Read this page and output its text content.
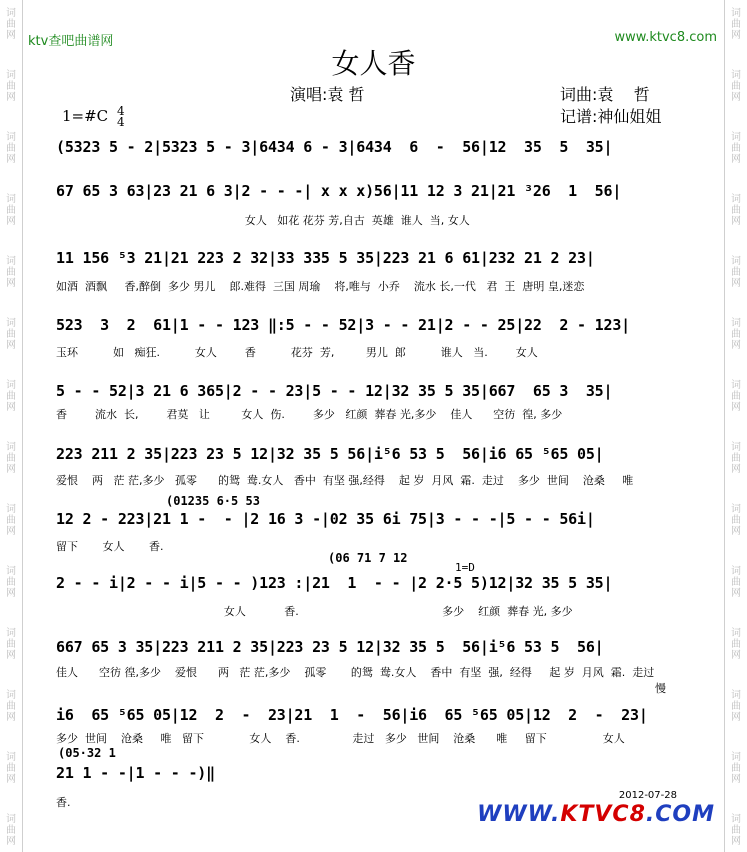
词
曲
网
词
曲
网
词
曲
网
词
曲
网
词
曲
网
词
曲
网
词
曲
网
词
曲
网
词
曲
网
词
曲
网
词
曲
网
词
曲
网
词
曲
网
词
曲
网
词
曲
网
词
曲
网
词
曲
网
词
曲
网
词
曲
网
词
曲
网
词
曲
网
词
曲
网
词
曲
网
词
曲
网
词
曲
网
词
曲
网
词
曲
网
词
曲
网
ktv查吧曲谱网	www.ktvc8.com
女人香
演唱:袁 哲	词曲:袁    哲
记谱:神仙姐姐
1=#C 4
4
(5323 5 - 2|5323 5 - 3|6434 6 - 3|6434  6  -  56|12  35  5  35|
67 65 3 63|23 21 6 3|2 - - -| x x x)56|11 12 3 21|21 ³26  1  56|
女人   如花 花芬 芳,自古  英雄  谁人  当, 女人
11 156 ⁵3 21|21 223 2 32|33 335 5 35|223 21 6 61|232 21 2 23|
如酒  酒飘     香,醉倒  多少 男儿    郎.难得  三国 周瑜    将,唯与  小乔    流水 长,一代   君  王  唐明 皇,迷恋
523  3  2  61|1 - - 123 ‖:5 - - 52|3 - - 21|2 - - 25|22  2 - 123|
玉环          如   痴狂.          女人        香          花芬  芳,         男儿  郎          谁人   当.        女人
5 - - 52|3 21 6 365|2 - - 23|5 - - 12|32 35 5 35|667  65 3  35|
香        流水  长,        君莫   让         女人  伤.        多少   红颜  葬春 光,多少    佳人      空彷  徨, 多少
223 211 2 35|223 23 5 12|32 35 5 56|i⁵6 53 5  56|i6 65 ⁵65 05|
爱恨    两   茫 茫,多少   孤零      的鸳  鸯.女人   香中  有坚 强,经得    起 岁  月风  霜.  走过    多少  世间    沧桑     唯
(01235 6·5 53
12 2 - 223|21 1 -  - |2 16 3 -|02 35 6i 75|3 - - -|5 - - 56i|
留下       女人       香.
(06 71 7 12
1=D
2 - - i|2 - - i|5 - - )123 :|21  1  - - |2 2·5 5)12|32 35 5 35|
女人           香.                                         多少    红颜  葬春 光, 多少
667 65 3 35|223 211 2 35|223 23 5 12|32 35 5  56|i⁵6 53 5  56|
佳人      空彷 徨,多少    爱恨      两   茫 茫,多少    孤零       的鸳  鸯.女人    香中  有坚  强,  经得     起 岁  月风  霜.  走过
慢
i6  65 ⁵65 05|12  2  -  23|21  1  -  56|i6  65 ⁵65 05|12  2  -  23|
多少  世间    沧桑     唯   留下             女人    香.               走过   多少   世间    沧桑      唯     留下                女人
(05·32 1
21 1 - -|1 - - -)‖
香.
2012-07-28
WWW.KTVC8.COM
